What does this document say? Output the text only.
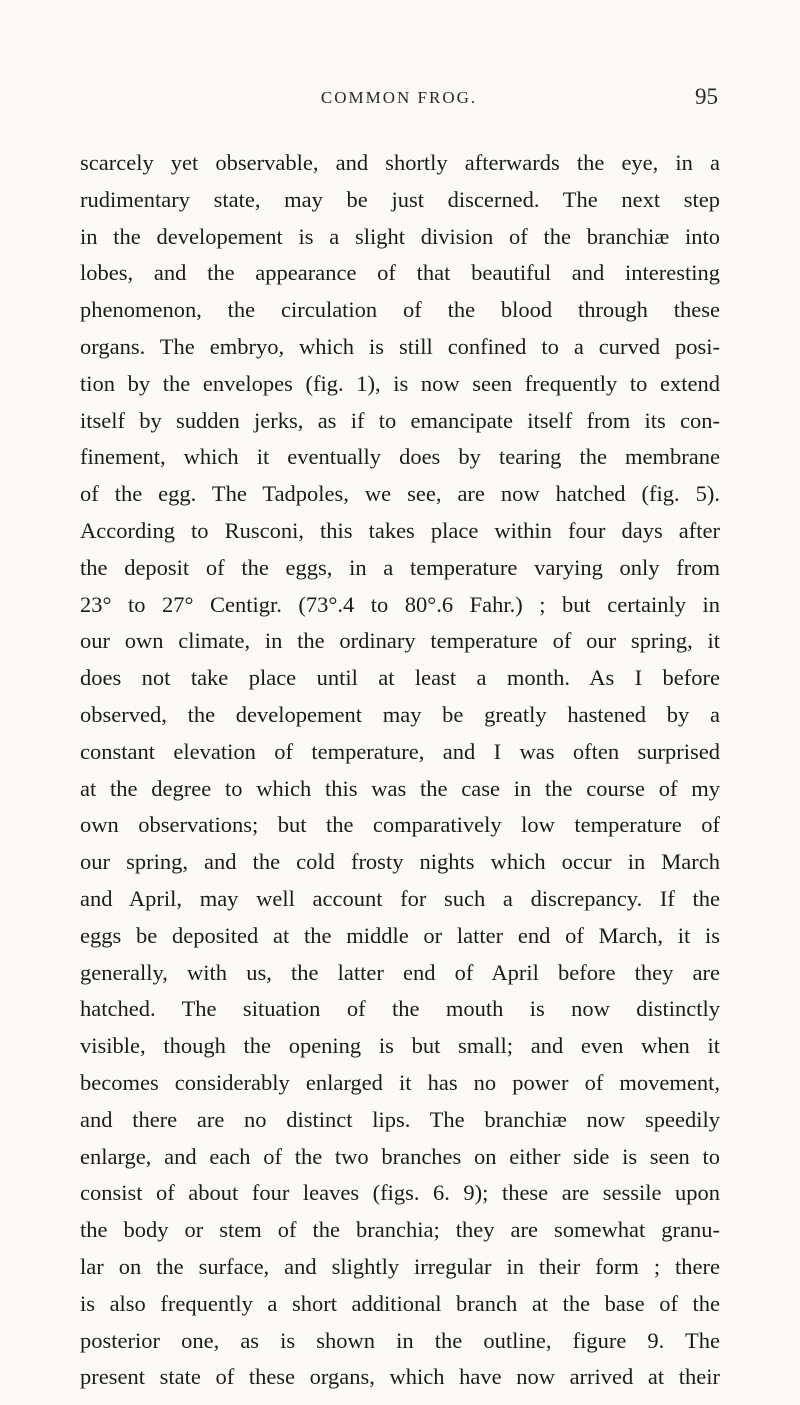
COMMON FROG.	95
scarcely yet observable, and shortly afterwards the eye, in a
rudimentary state, may be just discerned. The next step
in the developement is a slight division of the branchiæ into
lobes, and the appearance of that beautiful and interesting
phenomenon, the circulation of the blood through these
organs. The embryo, which is still confined to a curved posi-
tion by the envelopes (fig. 1), is now seen frequently to extend
itself by sudden jerks, as if to emancipate itself from its con-
finement, which it eventually does by tearing the membrane
of the egg. The Tadpoles, we see, are now hatched (fig. 5).
According to Rusconi, this takes place within four days after
the deposit of the eggs, in a temperature varying only from
23° to 27° Centigr. (73°.4 to 80°.6 Fahr.) ; but certainly in
our own climate, in the ordinary temperature of our spring, it
does not take place until at least a month. As I before
observed, the developement may be greatly hastened by a
constant elevation of temperature, and I was often surprised
at the degree to which this was the case in the course of my
own observations; but the comparatively low temperature of
our spring, and the cold frosty nights which occur in March
and April, may well account for such a discrepancy. If the
eggs be deposited at the middle or latter end of March, it is
generally, with us, the latter end of April before they are
hatched. The situation of the mouth is now distinctly
visible, though the opening is but small; and even when it
becomes considerably enlarged it has no power of movement,
and there are no distinct lips. The branchiæ now speedily
enlarge, and each of the two branches on either side is seen to
consist of about four leaves (figs. 6. 9); these are sessile upon
the body or stem of the branchia; they are somewhat granu-
lar on the surface, and slightly irregular in their form ; there
is also frequently a short additional branch at the base of the
posterior one, as is shown in the outline, figure 9. The
present state of these organs, which have now arrived at their
